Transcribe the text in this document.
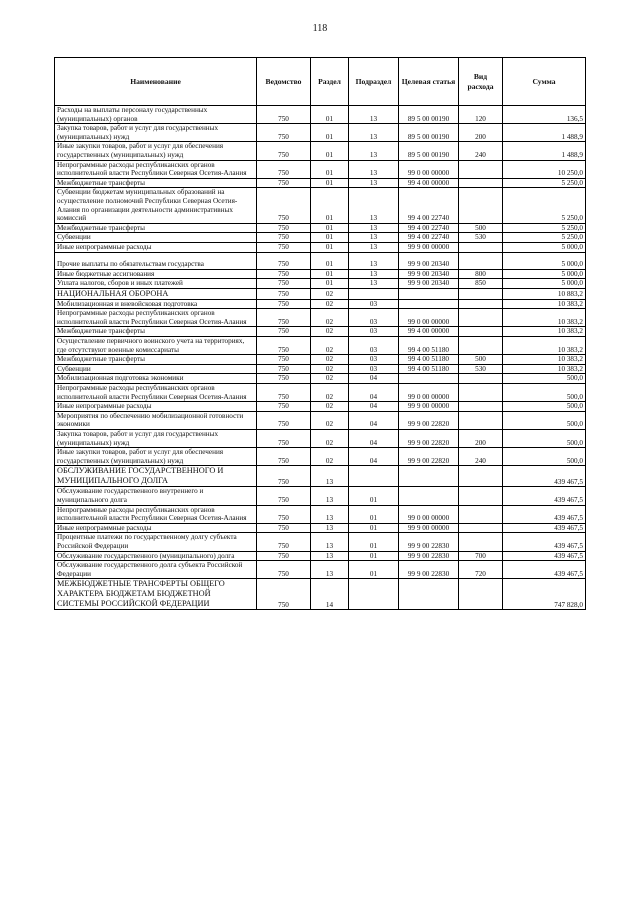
118
Наименование	Ведомство	Раздел	Подраздел	Целевая статья	Вид расхода	Сумма
Расходы на выплаты персоналу государственных (муниципальных) органов	750	01	13	89 5 00 00190	120	136,5
Закупка товаров, работ и услуг для государственных (муниципальных) нужд	750	01	13	89 5 00 00190	200	1 488,9
Иные закупки товаров, работ и услуг для обеспечения государственных (муниципальных) нужд	750	01	13	89 5 00 00190	240	1 488,9
Непрограммные расходы республиканских органов исполнительной власти Республики Северная Осетия-Алания	750	01	13	99 0 00 00000		10 250,0
Межбюджетные трансферты	750	01	13	99 4 00 00000		5 250,0
Субвенции бюджетам муниципальных образований на осуществление полномочий Республики Северная Осетия-Алания по организации деятельности административных комиссий	750	01	13	99 4 00 22740		5 250,0
Межбюджетные трансферты	750	01	13	99 4 00 22740	500	5 250,0
Субвенции	750	01	13	99 4 00 22740	530	5 250,0
Иные непрограммные расходы	750	01	13	99 9 00 00000		5 000,0
Прочие выплаты по обязательствам государства	750	01	13	99 9 00 20340		5 000,0
Иные бюджетные ассигнования	750	01	13	99 9 00 20340	800	5 000,0
Уплата налогов, сборов и иных платежей	750	01	13	99 9 00 20340	850	5 000,0
НАЦИОНАЛЬНАЯ ОБОРОНА	750	02				10 883,2
Мобилизационная и вневойсковая подготовка	750	02	03			10 383,2
Непрограммные расходы республиканских органов исполнительной власти Республики Северная Осетия-Алания	750	02	03	99 0 00 00000		10 383,2
Межбюджетные трансферты	750	02	03	99 4 00 00000		10 383,2
Осуществление первичного воинского учета на территориях, где отсутствуют военные комиссариаты	750	02	03	99 4 00 51180		10 383,2
Межбюджетные трансферты	750	02	03	99 4 00 51180	500	10 383,2
Субвенции	750	02	03	99 4 00 51180	530	10 383,2
Мобилизационная подготовка экономики	750	02	04			500,0
Непрограммные расходы республиканских органов исполнительной власти Республики Северная Осетия-Алания	750	02	04	99 0 00 00000		500,0
Иные непрограммные расходы	750	02	04	99 9 00 00000		500,0
Мероприятия по обеспечению мобилизационной готовности экономики	750	02	04	99 9 00 22820		500,0
Закупка товаров, работ и услуг для государственных (муниципальных) нужд	750	02	04	99 9 00 22820	200	500,0
Иные закупки товаров, работ и услуг для обеспечения государственных (муниципальных) нужд	750	02	04	99 9 00 22820	240	500,0
ОБСЛУЖИВАНИЕ ГОСУДАРСТВЕННОГО И МУНИЦИПАЛЬНОГО ДОЛГА	750	13				439 467,5
Обслуживание государственного внутреннего и муниципального долга	750	13	01			439 467,5
Непрограммные расходы республиканских органов исполнительной власти Республики Северная Осетия-Алания	750	13	01	99 0 00 00000		439 467,5
Иные непрограммные расходы	750	13	01	99 9 00 00000		439 467,5
Процентные платежи по государственному долгу субъекта Российской Федерации	750	13	01	99 9 00 22830		439 467,5
Обслуживание государственного (муниципального) долга	750	13	01	99 9 00 22830	700	439 467,5
Обслуживание государственного долга субъекта Российской Федерации	750	13	01	99 9 00 22830	720	439 467,5
МЕЖБЮДЖЕТНЫЕ ТРАНСФЕРТЫ ОБЩЕГО ХАРАКТЕРА БЮДЖЕТАМ БЮДЖЕТНОЙ СИСТЕМЫ РОССИЙСКОЙ ФЕДЕРАЦИИ	750	14				747 828,0
